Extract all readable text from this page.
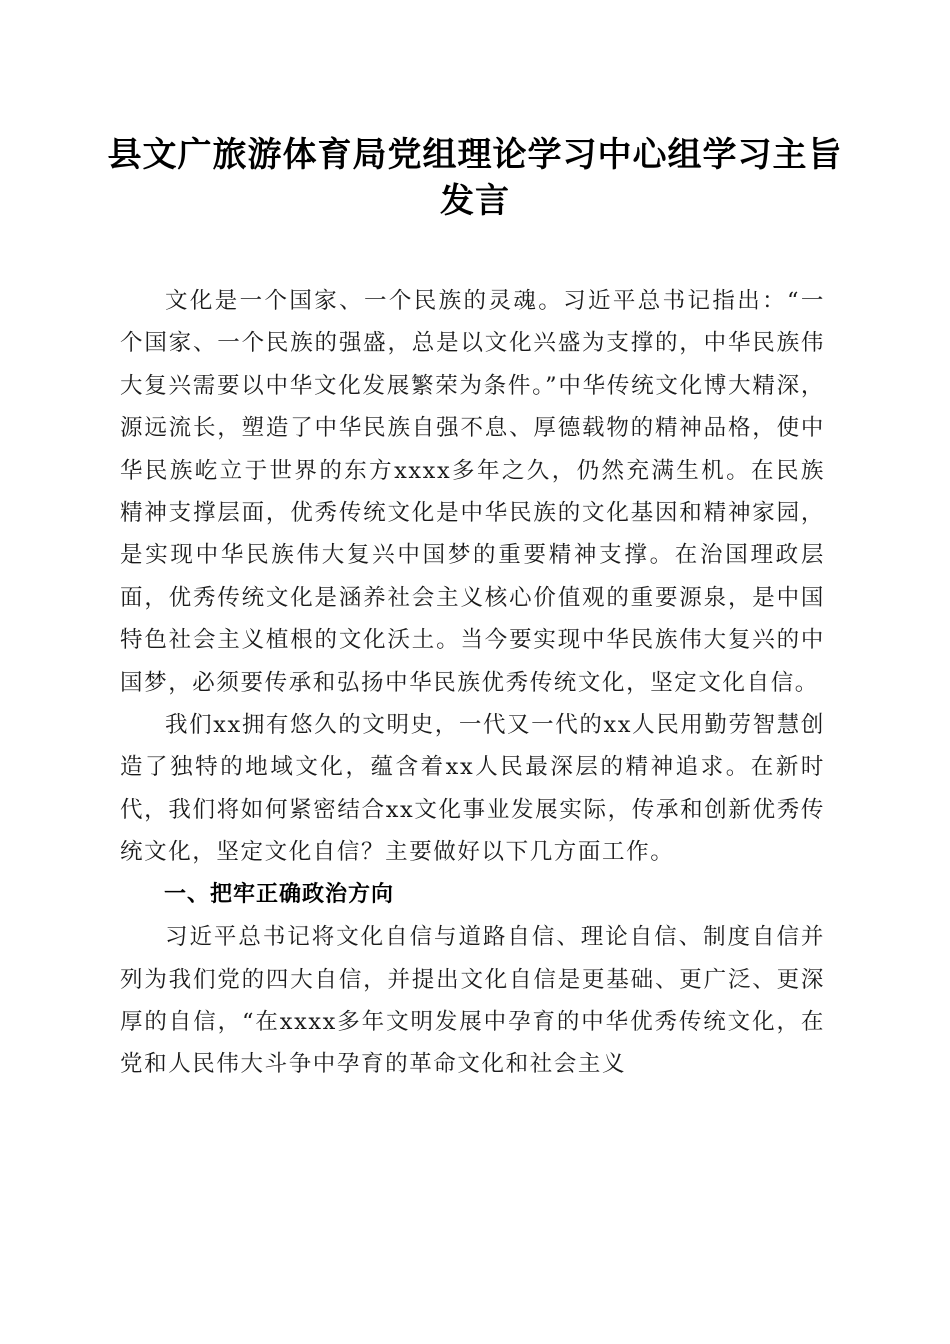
县文广旅游体育局党组理论学习中心组学习主旨发言

文化是一个国家、一个民族的灵魂。习近平总书记指出：“一个国家、一个民族的强盛，总是以文化兴盛为支撑的，中华民族伟大复兴需要以中华文化发展繁荣为条件。”中华传统文化博大精深，源远流长，塑造了中华民族自强不息、厚德载物的精神品格，使中华民族屹立于世界的东方xxxx多年之久，仍然充满生机。在民族精神支撑层面，优秀传统文化是中华民族的文化基因和精神家园，是实现中华民族伟大复兴中国梦的重要精神支撑。在治国理政层面，优秀传统文化是涵养社会主义核心价值观的重要源泉，是中国特色社会主义植根的文化沃土。当今要实现中华民族伟大复兴的中国梦，必须要传承和弘扬中华民族优秀传统文化，坚定文化自信。

我们xx拥有悠久的文明史，一代又一代的xx人民用勤劳智慧创造了独特的地域文化，蕴含着xx人民最深层的精神追求。在新时代，我们将如何紧密结合xx文化事业发展实际，传承和创新优秀传统文化，坚定文化自信？主要做好以下几方面工作。

一、把牢正确政治方向

习近平总书记将文化自信与道路自信、理论自信、制度自信并列为我们党的四大自信，并提出文化自信是更基础、更广泛、更深厚的自信，“在xxxx多年文明发展中孕育的中华优秀传统文化，在党和人民伟大斗争中孕育的革命文化和社会主义
